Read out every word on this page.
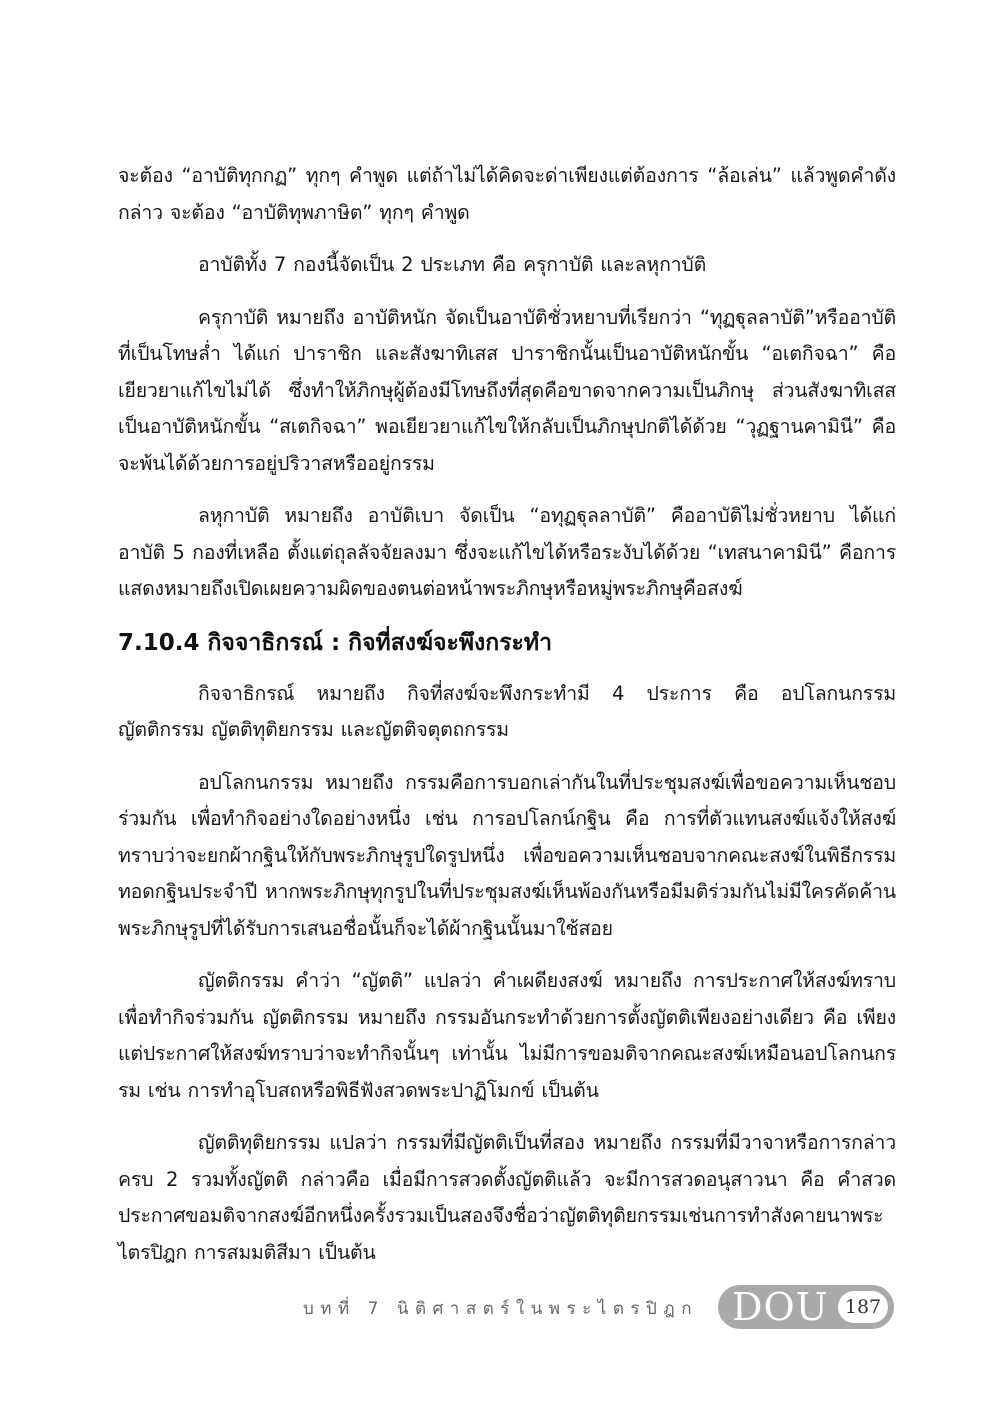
จะต้อง “อาบัติทุกกฏ” ทุกๆ คำพูด แต่ถ้าไม่ได้คิดจะด่าเพียงแต่ต้องการ “ล้อเล่น” แล้วพูดคำดังกล่าว จะต้อง “อาบัติทุพภาษิต” ทุกๆ คำพูด

อาบัติทั้ง 7 กองนี้จัดเป็น 2 ประเภท คือ ครุกาบัติ และลหุกาบัติ

ครุกาบัติ หมายถึง อาบัติหนัก จัดเป็นอาบัติชั่วหยาบที่เรียกว่า “ทุฏฐุลลาบัติ”หรืออาบัติที่เป็นโทษล่ำ ได้แก่ ปาราชิก และสังฆาทิเสส ปาราชิกนั้นเป็นอาบัติหนักขั้น “อเตกิจฉา” คือ เยียวยาแก้ไขไม่ได้ ซึ่งทำให้ภิกษุผู้ต้องมีโทษถึงที่สุดคือขาดจากความเป็นภิกษุ ส่วนสังฆาทิเสสเป็นอาบัติหนักขั้น “สเตกิจฉา” พอเยียวยาแก้ไขให้กลับเป็นภิกษุปกติได้ด้วย “วุฏฐานคามินี” คือจะพ้นได้ด้วยการอยู่ปริวาสหรืออยู่กรรม

ลหุกาบัติ หมายถึง อาบัติเบา จัดเป็น “อทุฏฐุลลาบัติ” คืออาบัติไม่ชั่วหยาบ ได้แก่ อาบัติ 5 กองที่เหลือ ตั้งแต่ถุลลัจจัยลงมา ซึ่งจะแก้ไขได้หรือระงับได้ด้วย “เทสนาคามินี” คือการแสดงหมายถึงเปิดเผยความผิดของตนต่อหน้าพระภิกษุหรือหมู่พระภิกษุคือสงฆ์

7.10.4 กิจจาธิกรณ์ : กิจที่สงฆ์จะพึงกระทำ

กิจจาธิกรณ์ หมายถึง กิจที่สงฆ์จะพึงกระทำมี 4 ประการ คือ อปโลกนกรรม ญัตติกรรม ญัตติทุติยกรรม และญัตติจตุตถกรรม

อปโลกนกรรม หมายถึง กรรมคือการบอกเล่ากันในที่ประชุมสงฆ์เพื่อขอความเห็นชอบร่วมกัน เพื่อทำกิจอย่างใดอย่างหนึ่ง เช่น การอปโลกน์กฐิน คือ การที่ตัวแทนสงฆ์แจ้งให้สงฆ์ทราบว่าจะยกผ้ากฐินให้กับพระภิกษุรูปใดรูปหนึ่ง เพื่อขอความเห็นชอบจากคณะสงฆ์ในพิธีกรรมทอดกฐินประจำปี หากพระภิกษุทุกรูปในที่ประชุมสงฆ์เห็นพ้องกันหรือมีมติร่วมกันไม่มีใครคัดค้านพระภิกษุรูปที่ได้รับการเสนอชื่อนั้นก็จะได้ผ้ากฐินนั้นมาใช้สอย

ญัตติกรรม คำว่า “ญัตติ” แปลว่า คำเผดียงสงฆ์ หมายถึง การประกาศให้สงฆ์ทราบเพื่อทำกิจร่วมกัน ญัตติกรรม หมายถึง กรรมอันกระทำด้วยการตั้งญัตติเพียงอย่างเดียว คือ เพียงแต่ประกาศให้สงฆ์ทราบว่าจะทำกิจนั้นๆ เท่านั้น ไม่มีการขอมติจากคณะสงฆ์เหมือนอปโลกนกรรม เช่น การทำอุโบสถหรือพิธีฟังสวดพระปาฏิโมกข์ เป็นต้น

ญัตติทุติยกรรม แปลว่า กรรมที่มีญัตติเป็นที่สอง หมายถึง กรรมที่มีวาจาหรือการกล่าวครบ 2 รวมทั้งญัตติ กล่าวคือ เมื่อมีการสวดตั้งญัตติแล้ว จะมีการสวดอนุสาวนา คือ คำสวดประกาศขอมติจากสงฆ์อีกหนึ่งครั้งรวมเป็นสองจึงชื่อว่าญัตติทุติยกรรมเช่นการทำสังคายนาพระไตรปิฎก การสมมติสีมา เป็นต้น

บทที่ 7 นิติศาสตร์ในพระไตรปิฎก DOU 187
